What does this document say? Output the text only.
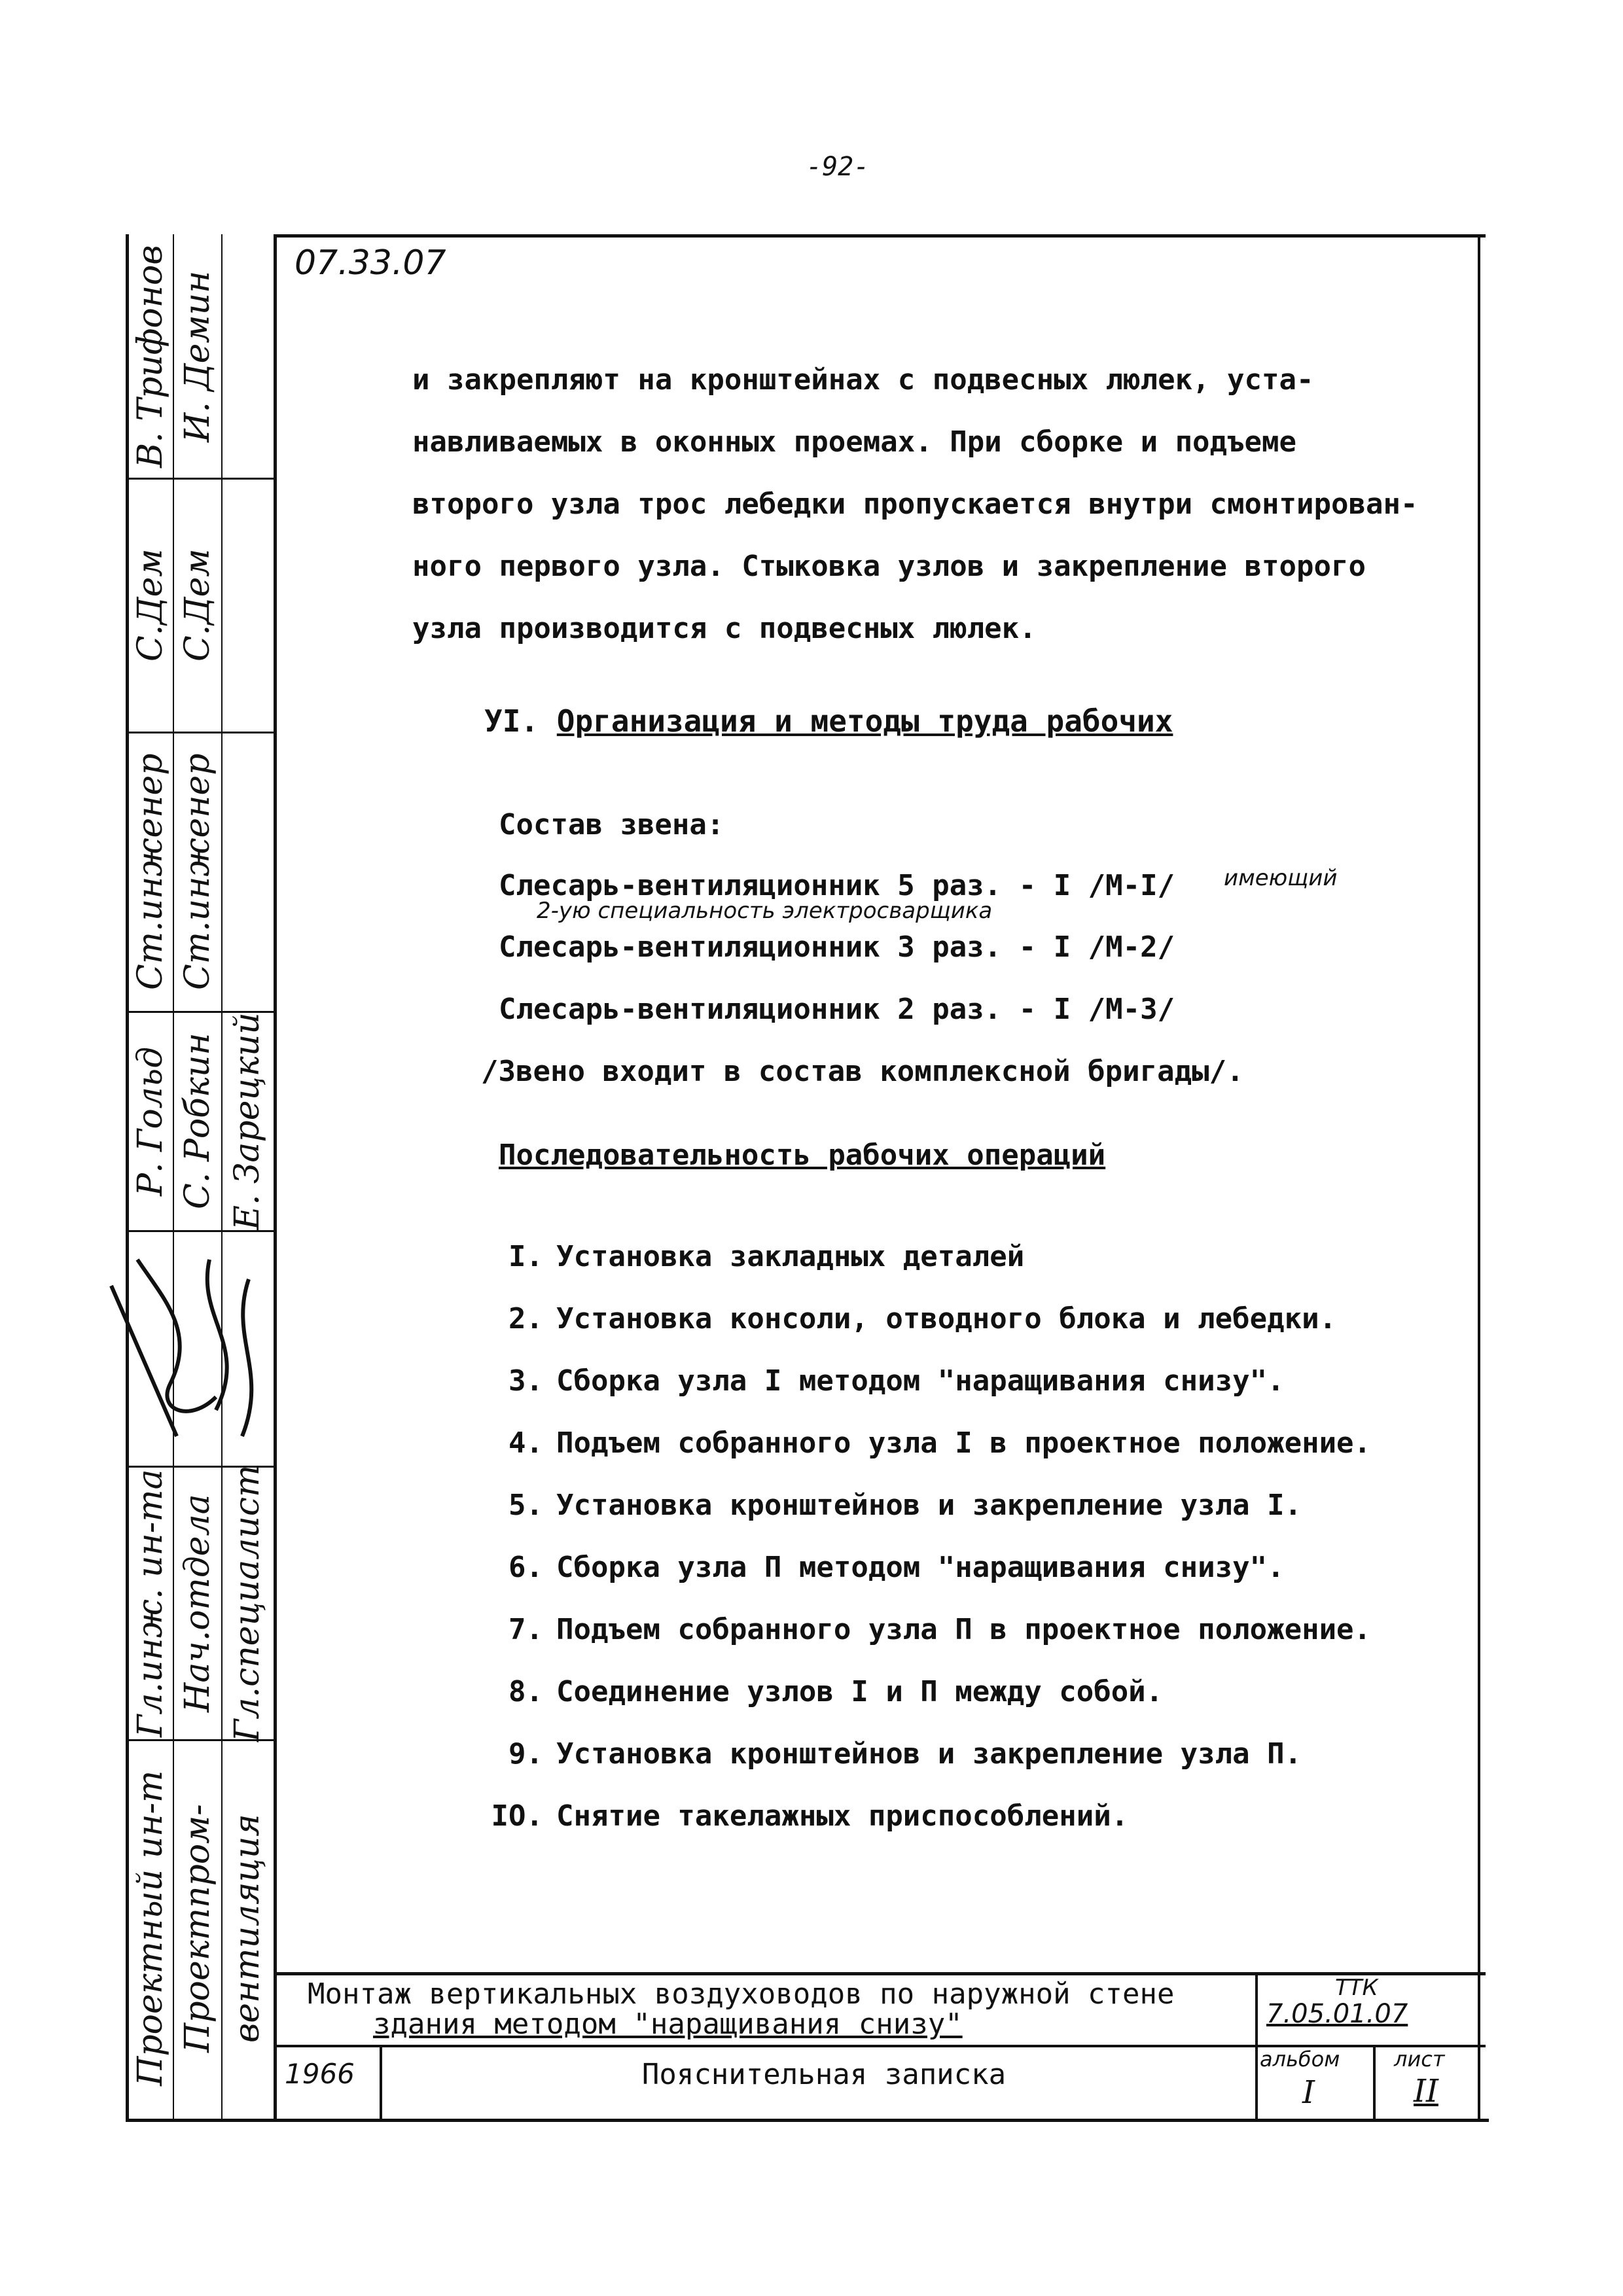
-92-
В. Трифонов
С.Дем
Ст.инженер
Р. Гольд
Гл.инж. ин-та
Проектный ин-т
И. Демин
С.Дем
Ст.инженер
С. Робкин
Нач.отдела
Проектпром-
Е. Зарецкий
Гл.специалист
вентиляция
07.33.07
и закрепляют на кронштейнах с подвесных люлек, уста-
навливаемых в оконных проемах. При сборке и подъеме
второго узла трос лебедки пропускается внутри смонтирован-
ного первого узла. Стыковка узлов и закрепление второго
узла производится с подвесных люлек.
УI. Организация и методы труда рабочих
Состав звена:
Слесарь-вентиляционник 5 раз. - I /М-I/ имеющий
2-ую специальность электросварщика
Слесарь-вентиляционник 3 раз. - I /М-2/
Слесарь-вентиляционник 2 раз. - I /М-3/
/Звено входит в состав комплексной бригады/.
Последовательность рабочих операций
I. Установка закладных деталей
2. Установка консоли, отводного блока и лебедки.
3. Сборка узла I методом "наращивания снизу".
4. Подъем собранного узла I в проектное положение.
5. Установка кронштейнов и закрепление узла I.
6. Сборка узла П методом "наращивания снизу".
7. Подъем собранного узла П в проектное положение.
8. Соединение узлов I и П между собой.
9. Установка кронштейнов и закрепление узла П.
IO. Снятие такелажных приспособлений.
Монтаж вертикальных воздуховодов по наружной стене
здания методом "наращивания снизу"
ТТК
7.05.01.07
1966	Пояснительная записка	альбом
I
лист
II
